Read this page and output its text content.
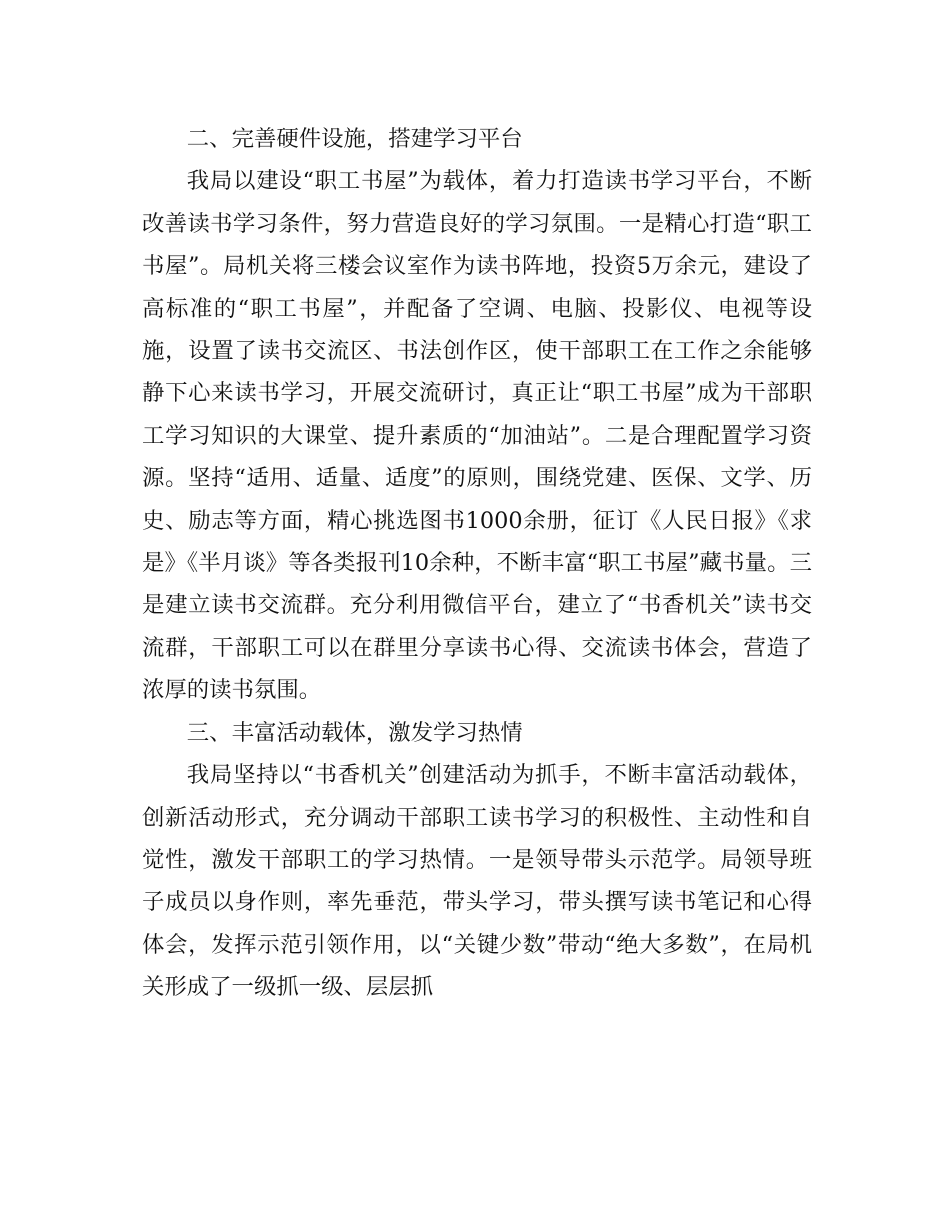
二、完善硬件设施，搭建学习平台

我局以建设“职工书屋”为载体，着力打造读书学习平台，不断改善读书学习条件，努力营造良好的学习氛围。一是精心打造“职工书屋”。局机关将三楼会议室作为读书阵地，投资5万余元，建设了高标准的“职工书屋”，并配备了空调、电脑、投影仪、电视等设施，设置了读书交流区、书法创作区，使干部职工在工作之余能够静下心来读书学习，开展交流研讨，真正让“职工书屋”成为干部职工学习知识的大课堂、提升素质的“加油站”。二是合理配置学习资源。坚持“适用、适量、适度”的原则，围绕党建、医保、文学、历史、励志等方面，精心挑选图书1000余册，征订《人民日报》《求是》《半月谈》等各类报刊10余种，不断丰富“职工书屋”藏书量。三是建立读书交流群。充分利用微信平台，建立了“书香机关”读书交流群，干部职工可以在群里分享读书心得、交流读书体会，营造了浓厚的读书氛围。

三、丰富活动载体，激发学习热情

我局坚持以“书香机关”创建活动为抓手，不断丰富活动载体，创新活动形式，充分调动干部职工读书学习的积极性、主动性和自觉性，激发干部职工的学习热情。一是领导带头示范学。局领导班子成员以身作则，率先垂范，带头学习，带头撰写读书笔记和心得体会，发挥示范引领作用，以“关键少数”带动“绝大多数”，在局机关形成了一级抓一级、层层抓
